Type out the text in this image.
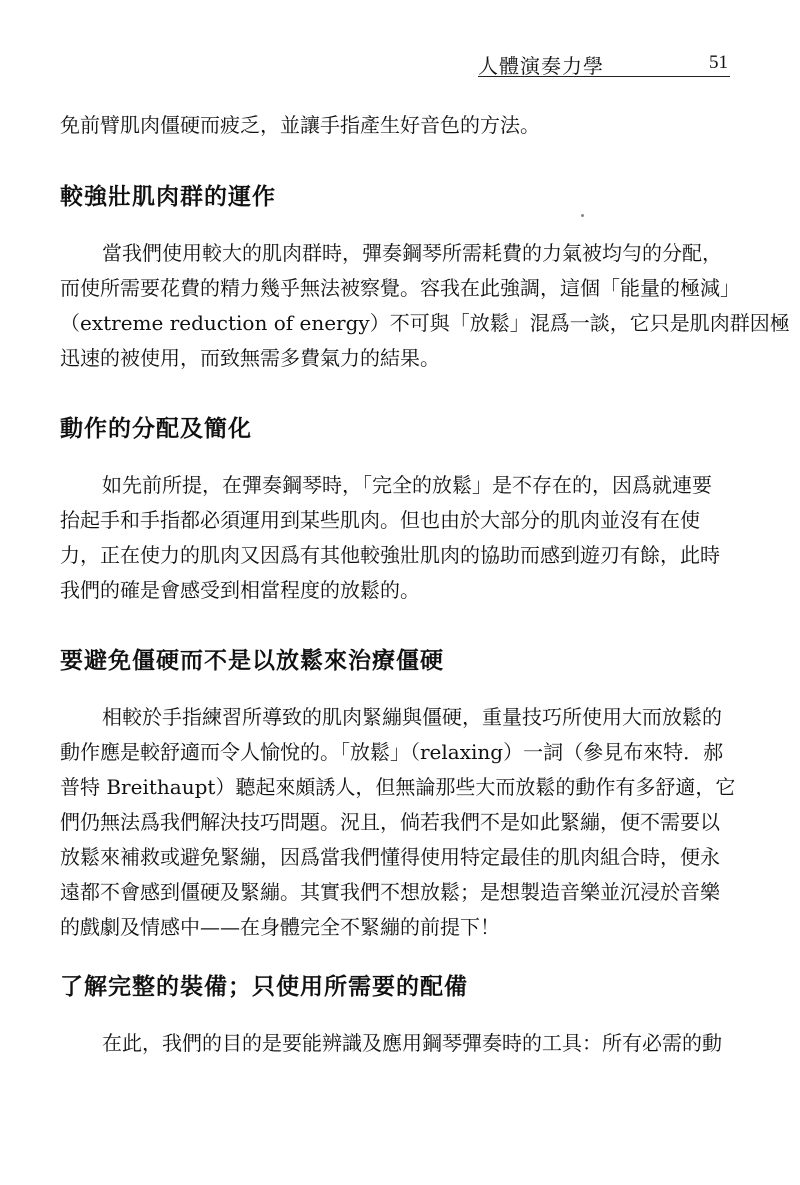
人體演奏力學	51

免前臂肌肉僵硬而疲乏，並讓手指產生好音色的方法。

較強壯肌肉群的運作

當我們使用較大的肌肉群時，彈奏鋼琴所需耗費的力氣被均勻的分配，
而使所需要花費的精力幾乎無法被察覺。容我在此強調，這個「能量的極減」
（extreme reduction of energy）不可與「放鬆」混爲一談，它只是肌肉群因極
迅速的被使用，而致無需多費氣力的結果。

動作的分配及簡化

如先前所提，在彈奏鋼琴時，「完全的放鬆」是不存在的，因爲就連要
抬起手和手指都必須運用到某些肌肉。但也由於大部分的肌肉並沒有在使
力，正在使力的肌肉又因爲有其他較強壯肌肉的協助而感到遊刃有餘，此時
我們的確是會感受到相當程度的放鬆的。

要避免僵硬而不是以放鬆來治療僵硬

相較於手指練習所導致的肌肉緊繃與僵硬，重量技巧所使用大而放鬆的
動作應是較舒適而令人愉悅的。「放鬆」（relaxing）一詞（參見布來特．郝
普特 Breithaupt）聽起來頗誘人，但無論那些大而放鬆的動作有多舒適，它
們仍無法爲我們解決技巧問題。況且，倘若我們不是如此緊繃，便不需要以
放鬆來補救或避免緊繃，因爲當我們懂得使用特定最佳的肌肉組合時，便永
遠都不會感到僵硬及緊繃。其實我們不想放鬆；是想製造音樂並沉浸於音樂
的戲劇及情感中——在身體完全不緊繃的前提下！

了解完整的裝備；只使用所需要的配備

在此，我們的目的是要能辨識及應用鋼琴彈奏時的工具：所有必需的動
